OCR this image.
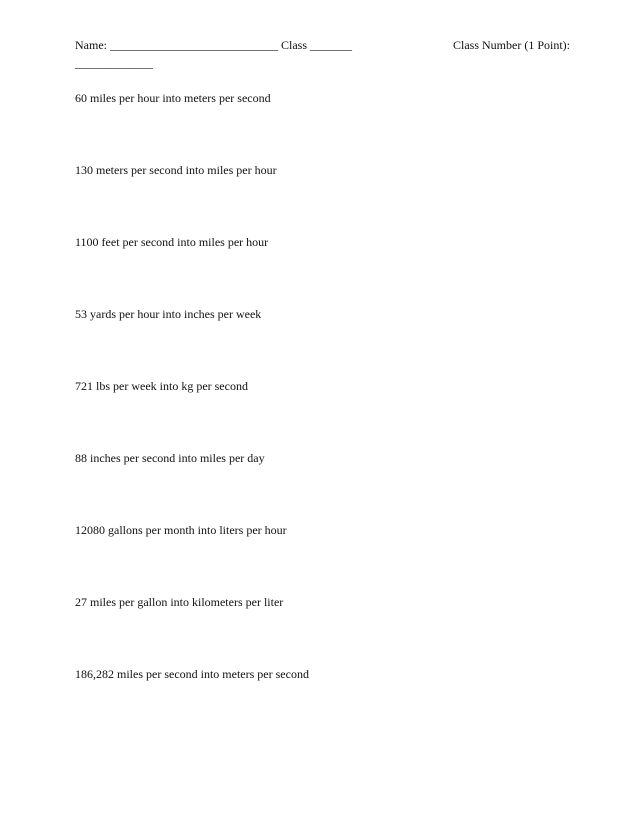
Name: ____________________________ Class _______	Class Number (1 Point):
_____________
60 miles per hour into meters per second
130 meters per second into miles per hour
1100 feet per second into miles per hour
53 yards per hour into inches per week
721 lbs per week into kg per second
88 inches per second into miles per day
12080 gallons per month into liters per hour
27 miles per gallon into kilometers per liter
186,282 miles per second into meters per second
